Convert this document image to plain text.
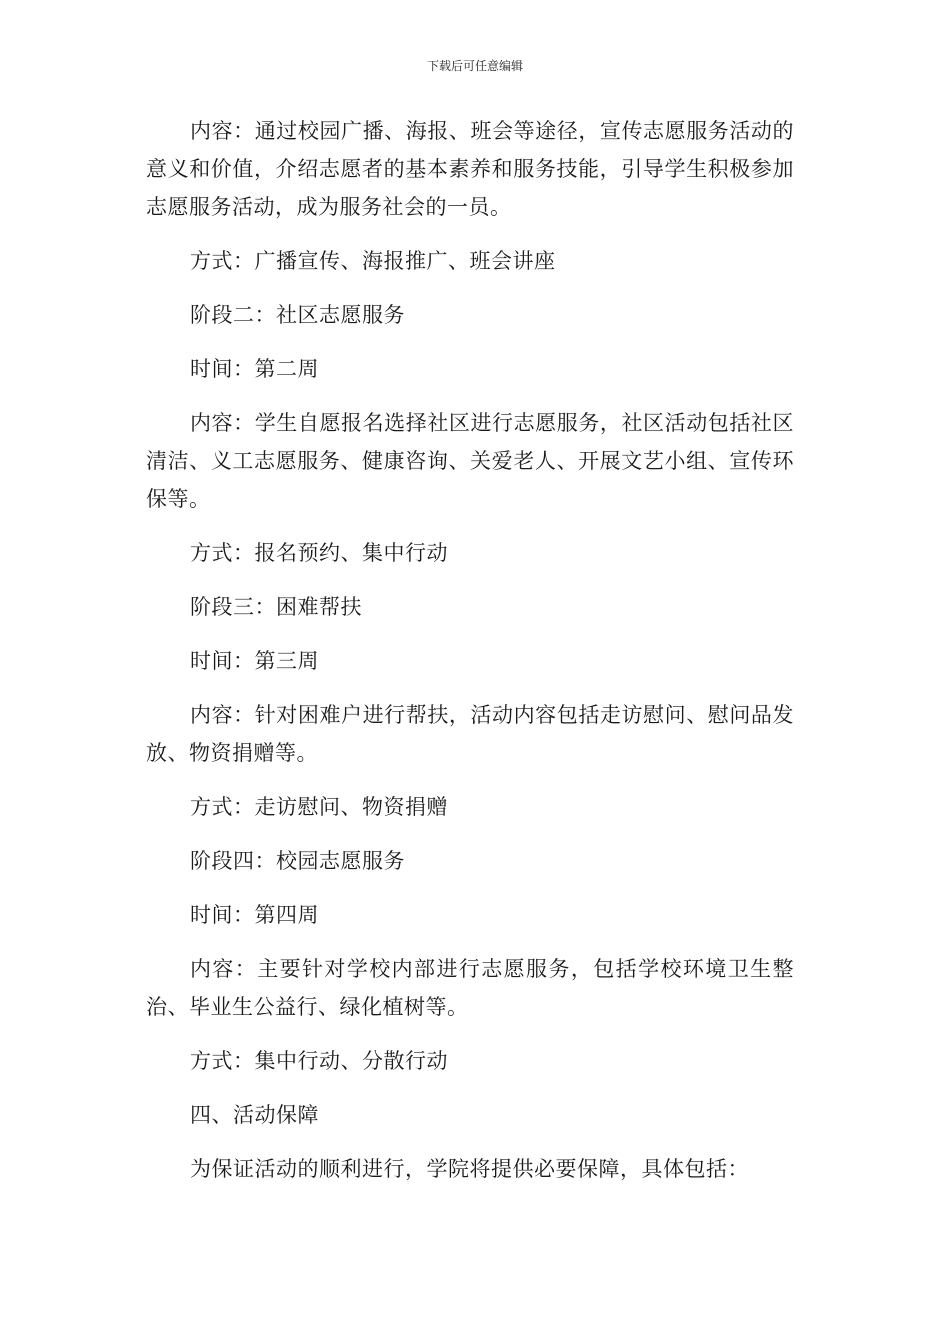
下载后可任意编辑

内容：通过校园广播、海报、班会等途径，宣传志愿服务活动的意义和价值，介绍志愿者的基本素养和服务技能，引导学生积极参加志愿服务活动，成为服务社会的一员。

方式：广播宣传、海报推广、班会讲座

阶段二：社区志愿服务

时间：第二周

内容：学生自愿报名选择社区进行志愿服务，社区活动包括社区清洁、义工志愿服务、健康咨询、关爱老人、开展文艺小组、宣传环保等。

方式：报名预约、集中行动

阶段三：困难帮扶

时间：第三周

内容：针对困难户进行帮扶，活动内容包括走访慰问、慰问品发放、物资捐赠等。

方式：走访慰问、物资捐赠

阶段四：校园志愿服务

时间：第四周

内容：主要针对学校内部进行志愿服务，包括学校环境卫生整治、毕业生公益行、绿化植树等。

方式：集中行动、分散行动

四、活动保障

为保证活动的顺利进行，学院将提供必要保障，具体包括：
